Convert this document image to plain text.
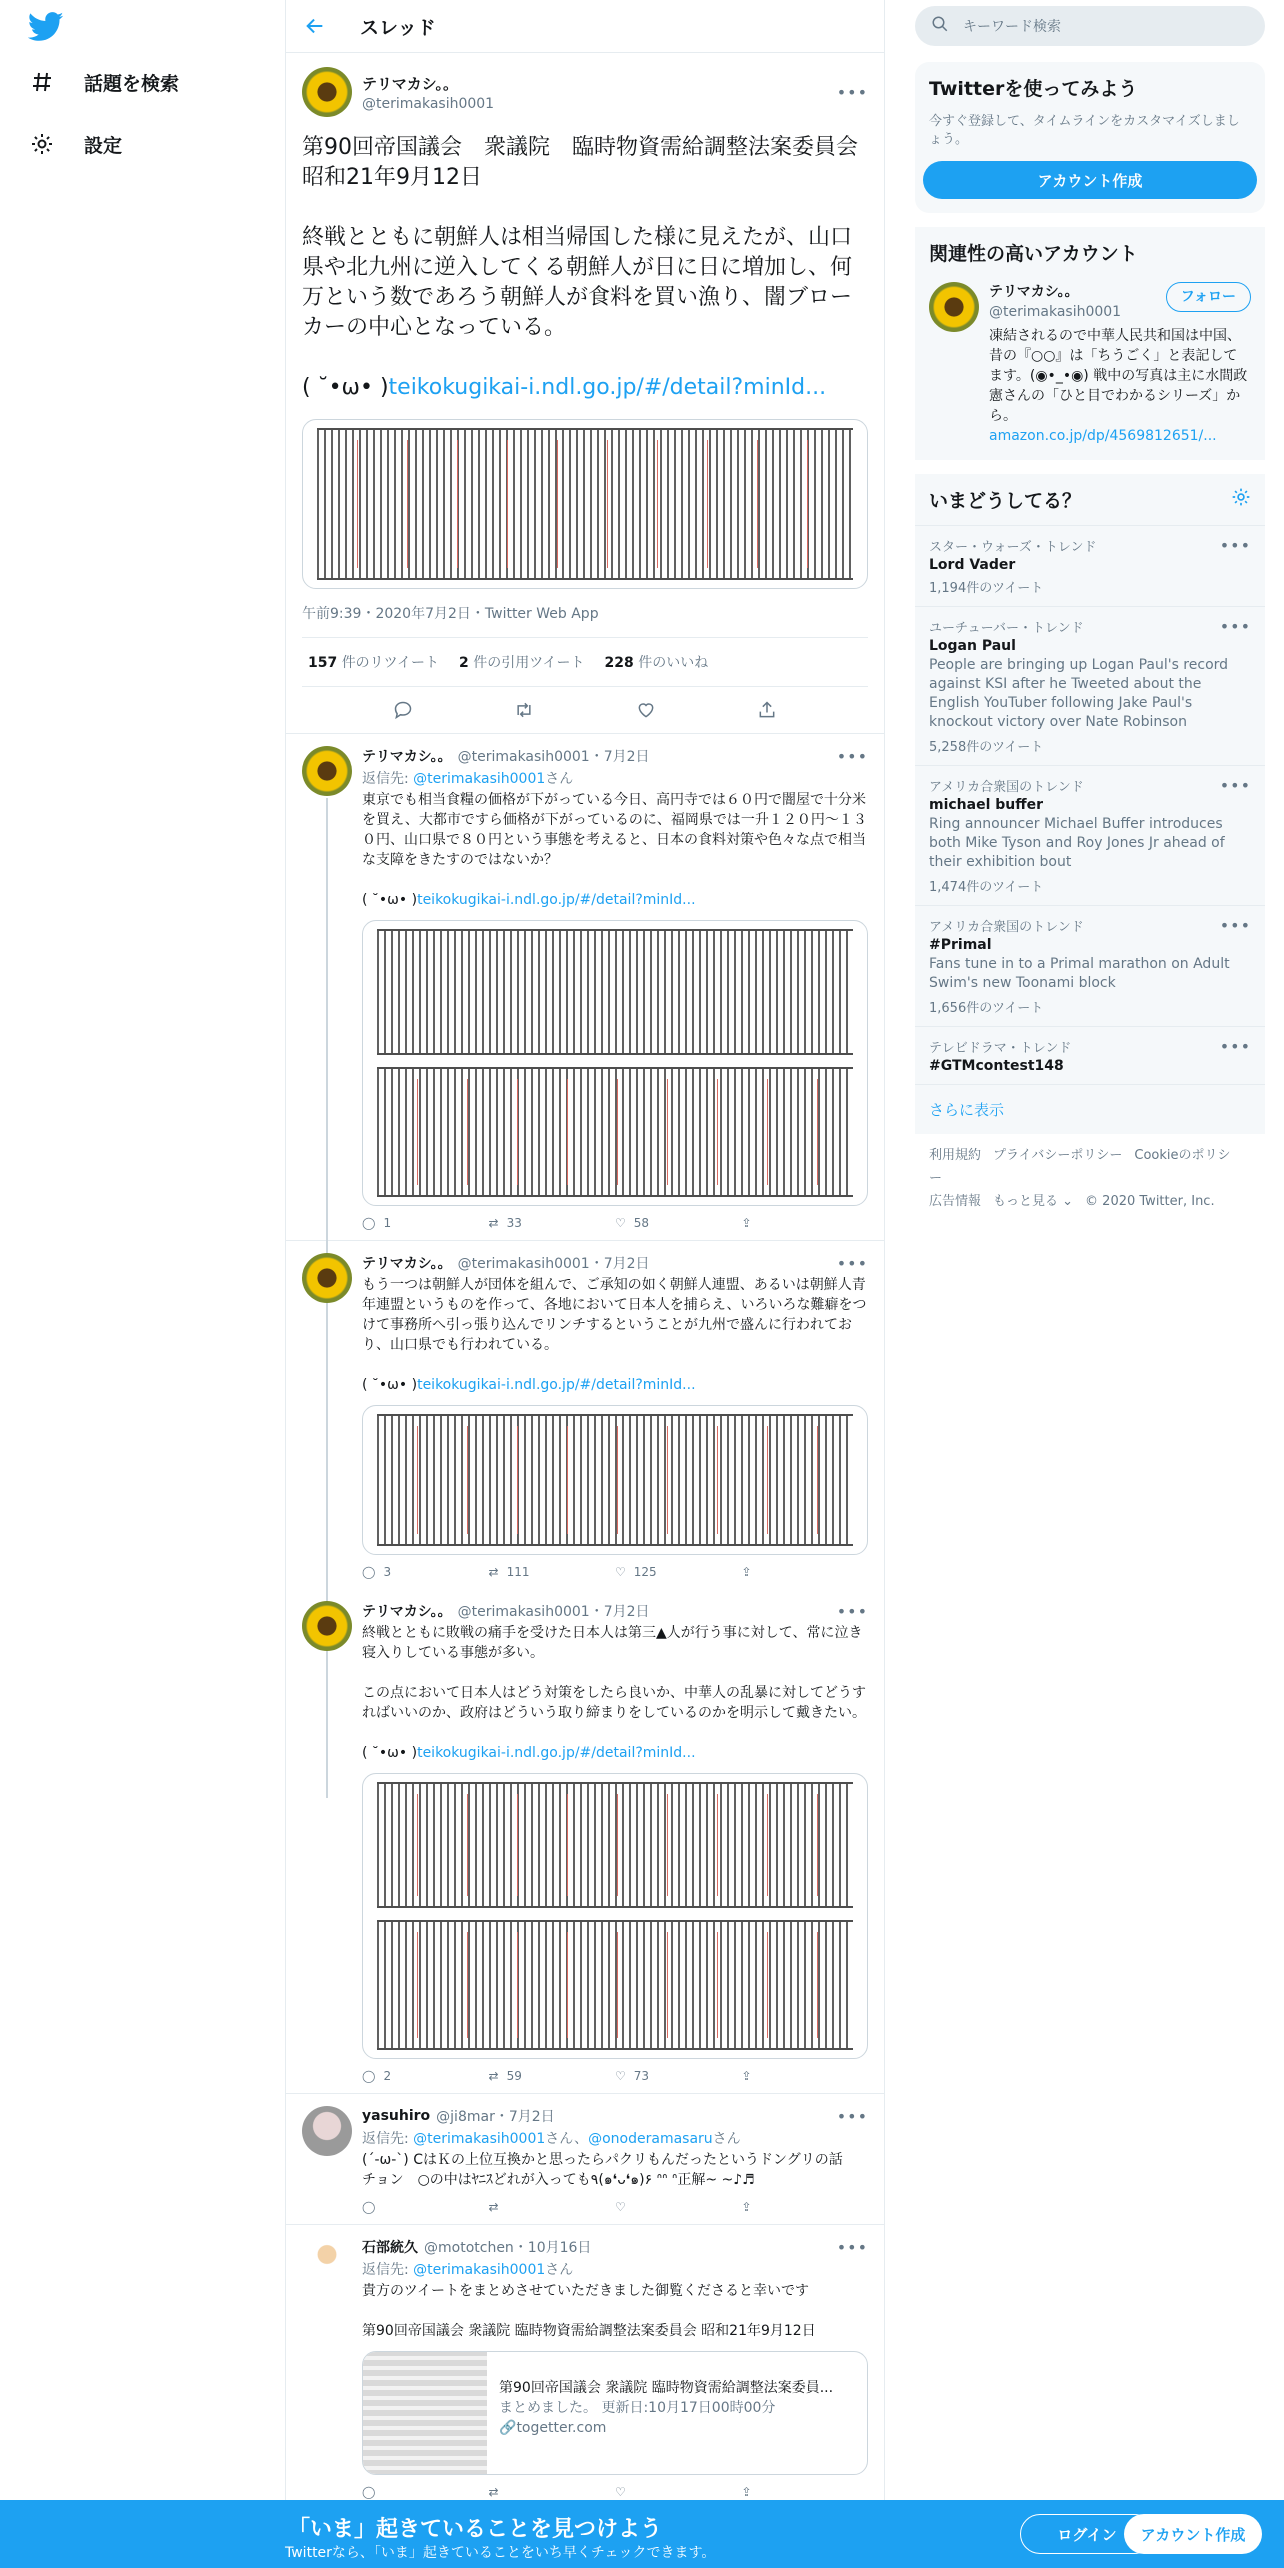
話題を検索
設定
スレッド
テリマカシ。。
@terimakasih0001
•••
第90回帝国議会　衆議院　臨時物資需給調整法案委員会　昭和21年9月12日

終戦とともに朝鮮人は相当帰国した様に見えたが、山口県や北九州に逆入してくる朝鮮人が日に日に増加し、何万という数であろう朝鮮人が食料を買い漁り、闇ブローカーの中心となっている。

( ˘•ω• )teikokugikai-i.ndl.go.jp/#/detail?minId...
午前9:39・2020年7月2日・Twitter Web App
157 件のリツイート 2 件の引用ツイート 228 件のいいね
テリマカシ。。 @terimakasih0001・7月2日	•••
返信先: @terimakasih0001さん
東京でも相当食糧の価格が下がっている今日、高円寺では６０円で闇屋で十分米を買え、大都市ですら価格が下がっているのに、福岡県では一升１２０円〜１３０円、山口県で８０円という事態を考えると、日本の食料対策や色々な点で相当な支障をきたすのではないか？

( ˘•ω• )teikokugikai-i.ndl.go.jp/#/detail?minId...
◯ 1	⇄ 33	♡ 58	⇪
テリマカシ。。 @terimakasih0001・7月2日	•••
もう一つは朝鮮人が団体を組んで、ご承知の如く朝鮮人連盟、あるいは朝鮮人青年連盟というものを作って、各地において日本人を捕らえ、いろいろな難癖をつけて事務所へ引っ張り込んでリンチするということが九州で盛んに行われており、山口県でも行われている。

( ˘•ω• )teikokugikai-i.ndl.go.jp/#/detail?minId...
◯ 3	⇄ 111	♡ 125	⇪
テリマカシ。。 @terimakasih0001・7月2日	•••
終戦とともに敗戦の痛手を受けた日本人は第三▲人が行う事に対して、常に泣き寝入りしている事態が多い。

この点において日本人はどう対策をしたら良いか、中華人の乱暴に対してどうすればいいのか、政府はどういう取り締まりをしているのかを明示して戴きたい。

( ˘•ω• )teikokugikai-i.ndl.go.jp/#/detail?minId...
◯ 2	⇄ 59	♡ 73	⇪
yasuhiro @ji8mar・7月2日	•••
返信先: @terimakasih0001さん、@onoderamasaruさん
(´-ω-`) CはＫの上位互換かと思ったらパクリもんだったというドングリの話　チョン　○の中はﾔﾆｽどれが入っても٩(๑❛ᴗ❛๑)۶ ᐢᐢ ᐢ正解~ ~♪♬
◯	⇄	♡	⇪
石部統久 @mototchen・10月16日	•••
返信先: @terimakasih0001さん
貴方のツイートをまとめさせていただきました御覧くださると幸いです

第90回帝国議会 衆議院 臨時物資需給調整法案委員会 昭和21年9月12日
第90回帝国議会 衆議院 臨時物資需給調整法案委員...
まとめました。 更新日:10月17日00時00分
🔗togetter.com
◯	⇄	♡	⇪
キーワード検索
Twitterを使ってみよう

今すぐ登録して、タイムラインをカスタマイズしましょう。

アカウント作成
関連性の高いアカウント
テリマカシ。。
@terimakasih0001
フォロー
凍結されるので中華人民共和国は中国、昔の『○○』は「ちうごく」と表記してます。(◉•_•◉) 戦中の写真は主に水間政憲さんの「ひと目でわかるシリーズ」から。
amazon.co.jp/dp/4569812651/...
いまどうしてる？
スター・ウォーズ・トレンド
Lord Vader
1,194件のツイート
•••
ユーチューバー・トレンド
Logan Paul
People are bringing up Logan Paul's record against KSI after he Tweeted about the English YouTuber following Jake Paul's knockout victory over Nate Robinson
5,258件のツイート
•••
アメリカ合衆国のトレンド
michael buffer
Ring announcer Michael Buffer introduces both Mike Tyson and Roy Jones Jr ahead of their exhibition bout
1,474件のツイート
•••
アメリカ合衆国のトレンド
#Primal
Fans tune in to a Primal marathon on Adult Swim's new Toonami block
1,656件のツイート
•••
テレビドラマ・トレンド
#GTMcontest148
•••
さらに表示
利用規約 プライバシーポリシー Cookieのポリシー
広告情報 もっと見る ⌄ © 2020 Twitter, Inc.
「いま」起きていることを見つけよう
Twitterなら、「いま」起きていることをいち早くチェックできます。
ログイン	アカウント作成
